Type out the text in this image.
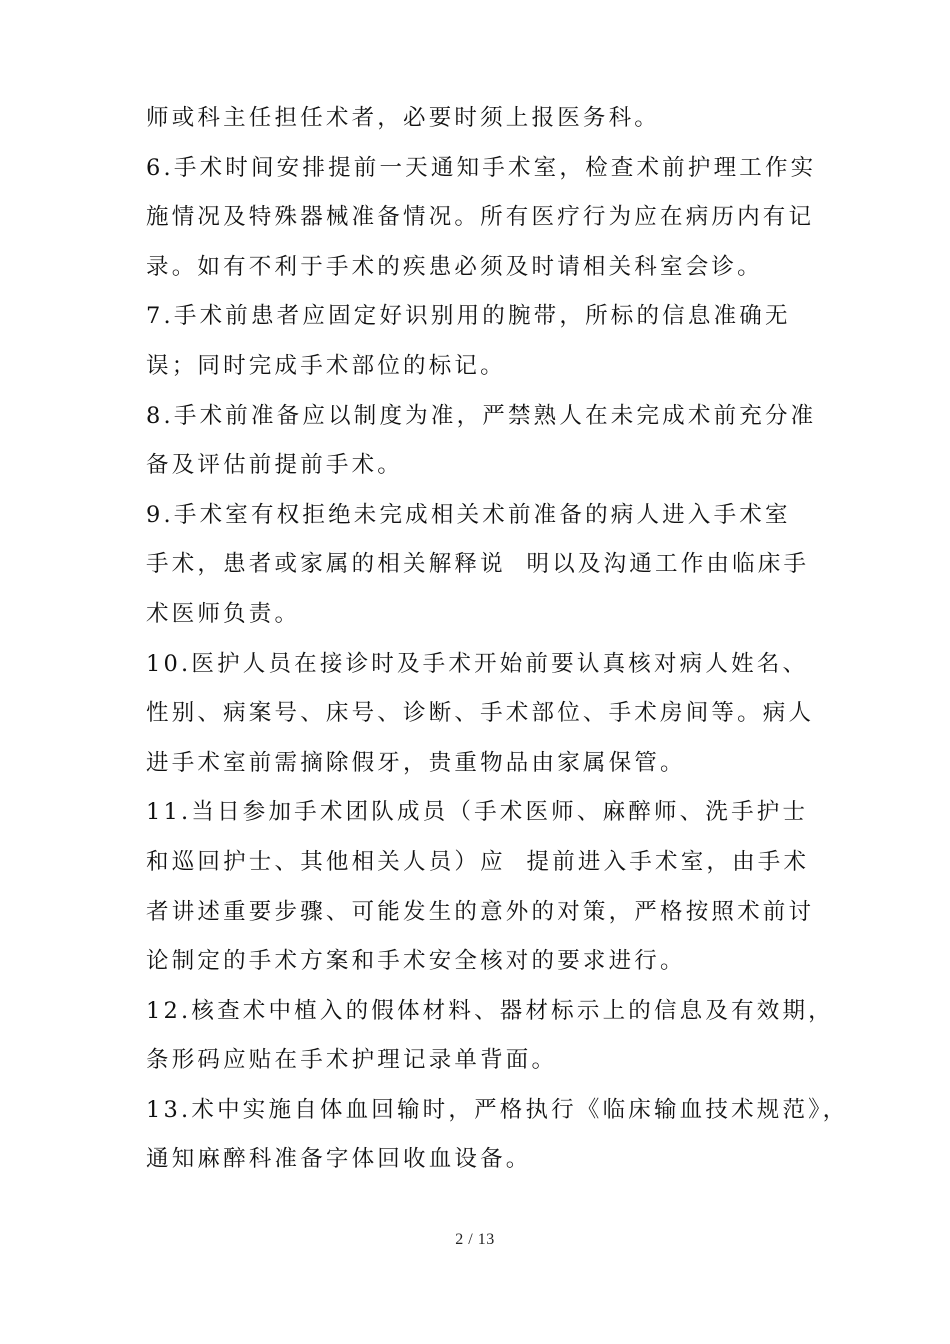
师或科主任担任术者，必要时须上报医务科。
6.手术时间安排提前一天通知手术室，检查术前护理工作实
施情况及特殊器械准备情况。所有医疗行为应在病历内有记
录。如有不利于手术的疾患必须及时请相关科室会诊。
7.手术前患者应固定好识别用的腕带，所标的信息准确无
误；同时完成手术部位的标记。
8.手术前准备应以制度为准，严禁熟人在未完成术前充分准
备及评估前提前手术。
9.手术室有权拒绝未完成相关术前准备的病人进入手术室
手术，患者或家属的相关解释说  明以及沟通工作由临床手
术医师负责。
10.医护人员在接诊时及手术开始前要认真核对病人姓名、
性别、病案号、床号、诊断、手术部位、手术房间等。病人
进手术室前需摘除假牙，贵重物品由家属保管。
11.当日参加手术团队成员（手术医师、麻醉师、洗手护士
和巡回护士、其他相关人员）应  提前进入手术室，由手术
者讲述重要步骤、可能发生的意外的对策，严格按照术前讨
论制定的手术方案和手术安全核对的要求进行。
12.核查术中植入的假体材料、器材标示上的信息及有效期，
条形码应贴在手术护理记录单背面。
13.术中实施自体血回输时，严格执行《临床输血技术规范》，
通知麻醉科准备字体回收血设备。
2 / 13
